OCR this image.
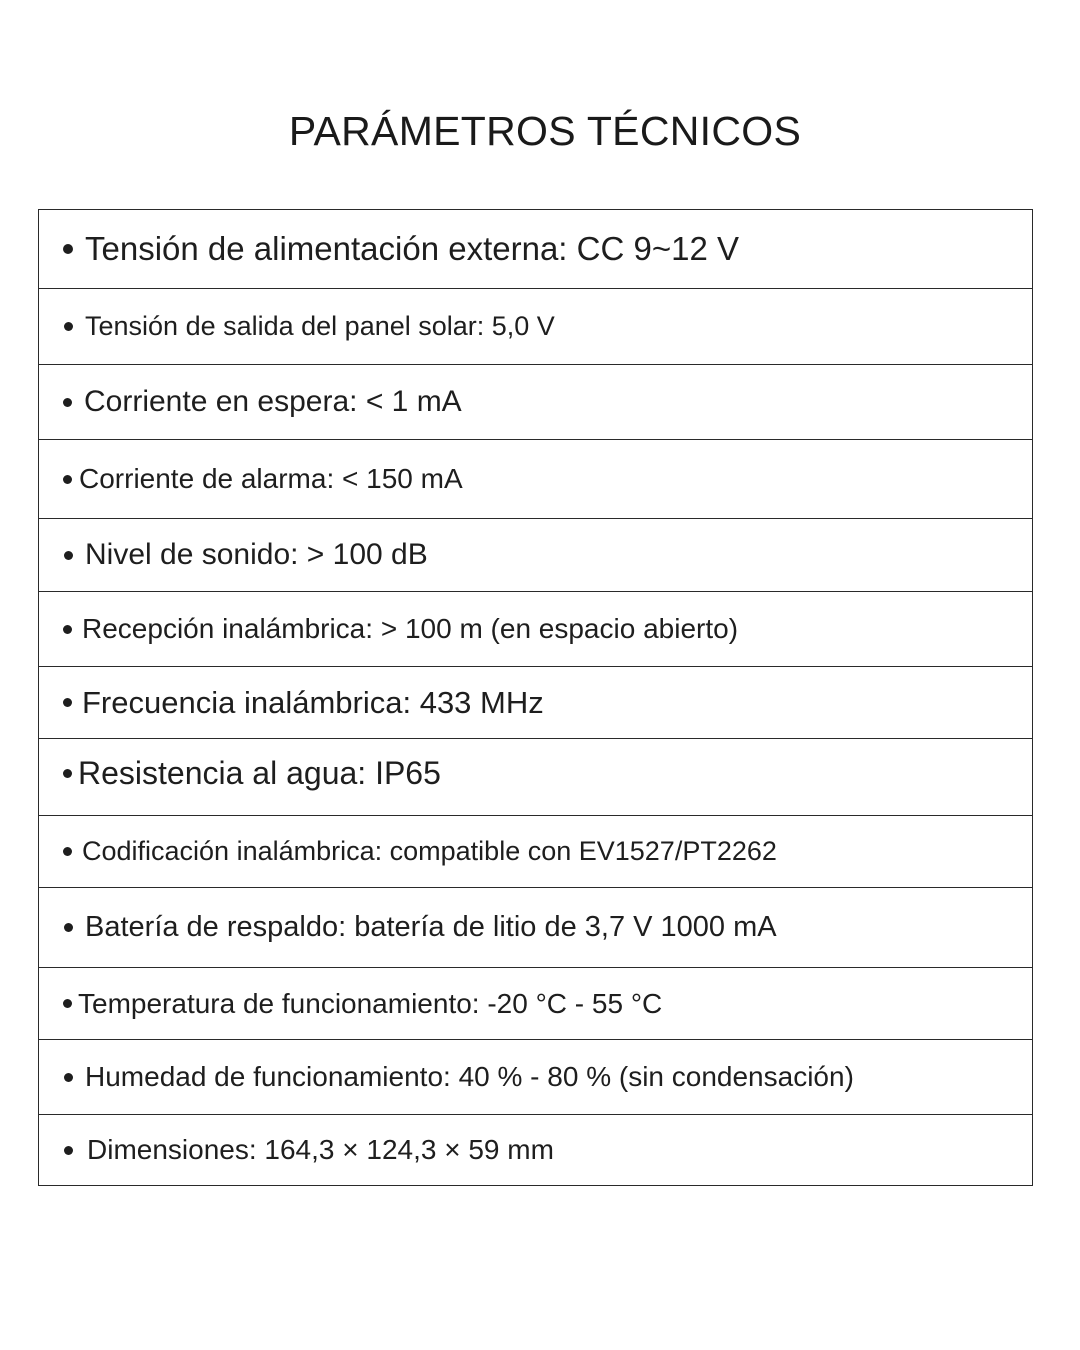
PARÁMETROS TÉCNICOS
Tensión de alimentación externa: CC 9~12 V
Tensión de salida del panel solar: 5,0 V
Corriente en espera: < 1 mA
Corriente de alarma: < 150 mA
Nivel de sonido: > 100 dB
Recepción inalámbrica: > 100 m (en espacio abierto)
Frecuencia inalámbrica: 433 MHz
Resistencia al agua: IP65
Codificación inalámbrica: compatible con EV1527/PT2262
Batería de respaldo: batería de litio de 3,7 V 1000 mA
Temperatura de funcionamiento: -20 °C - 55 °C
Humedad de funcionamiento: 40 % - 80 % (sin condensación)
Dimensiones: 164,3 × 124,3 × 59 mm
